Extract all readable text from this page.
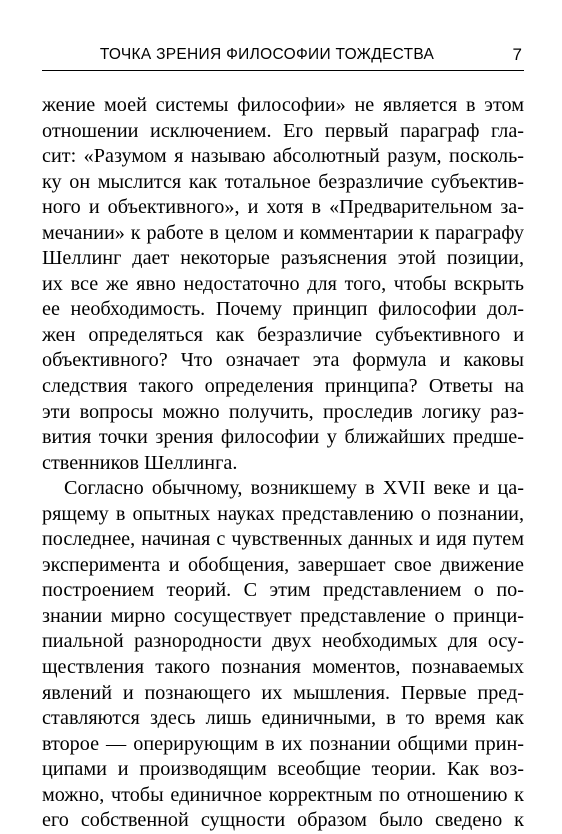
ТОЧКА ЗРЕНИЯ ФИЛОСОФИИ ТОЖДЕСТВА	7
жение моей системы философии» не является в этом
отношении исключением. Его первый параграф гла-
сит: «Разумом я называю абсолютный разум, посколь-
ку он мыслится как тотальное безразличие субъектив-
ного и объективного», и хотя в «Предварительном за-
мечании» к работе в целом и комментарии к параграфу
Шеллинг дает некоторые разъяснения этой позиции,
их все же явно недостаточно для того, чтобы вскрыть
ее необходимость. Почему принцип философии дол-
жен определяться как безразличие субъективного и
объективного? Что означает эта формула и каковы
следствия такого определения принципа? Ответы на
эти вопросы можно получить, проследив логику раз-
вития точки зрения философии у ближайших предше-
ственников Шеллинга.
Согласно обычному, возникшему в XVII веке и ца-
рящему в опытных науках представлению о познании,
последнее, начиная с чувственных данных и идя путем
эксперимента и обобщения, завершает свое движение
построением теорий. С этим представлением о по-
знании мирно сосуществует представление о принци-
пиальной разнородности двух необходимых для осу-
ществления такого познания моментов, познаваемых
явлений и познающего их мышления. Первые пред-
ставляются здесь лишь единичными, в то время как
второе — оперирующим в их познании общими прин-
ципами и производящим всеобщие теории. Как воз-
можно, чтобы единичное корректным по отношению к
его собственной сущности образом было сведено к
